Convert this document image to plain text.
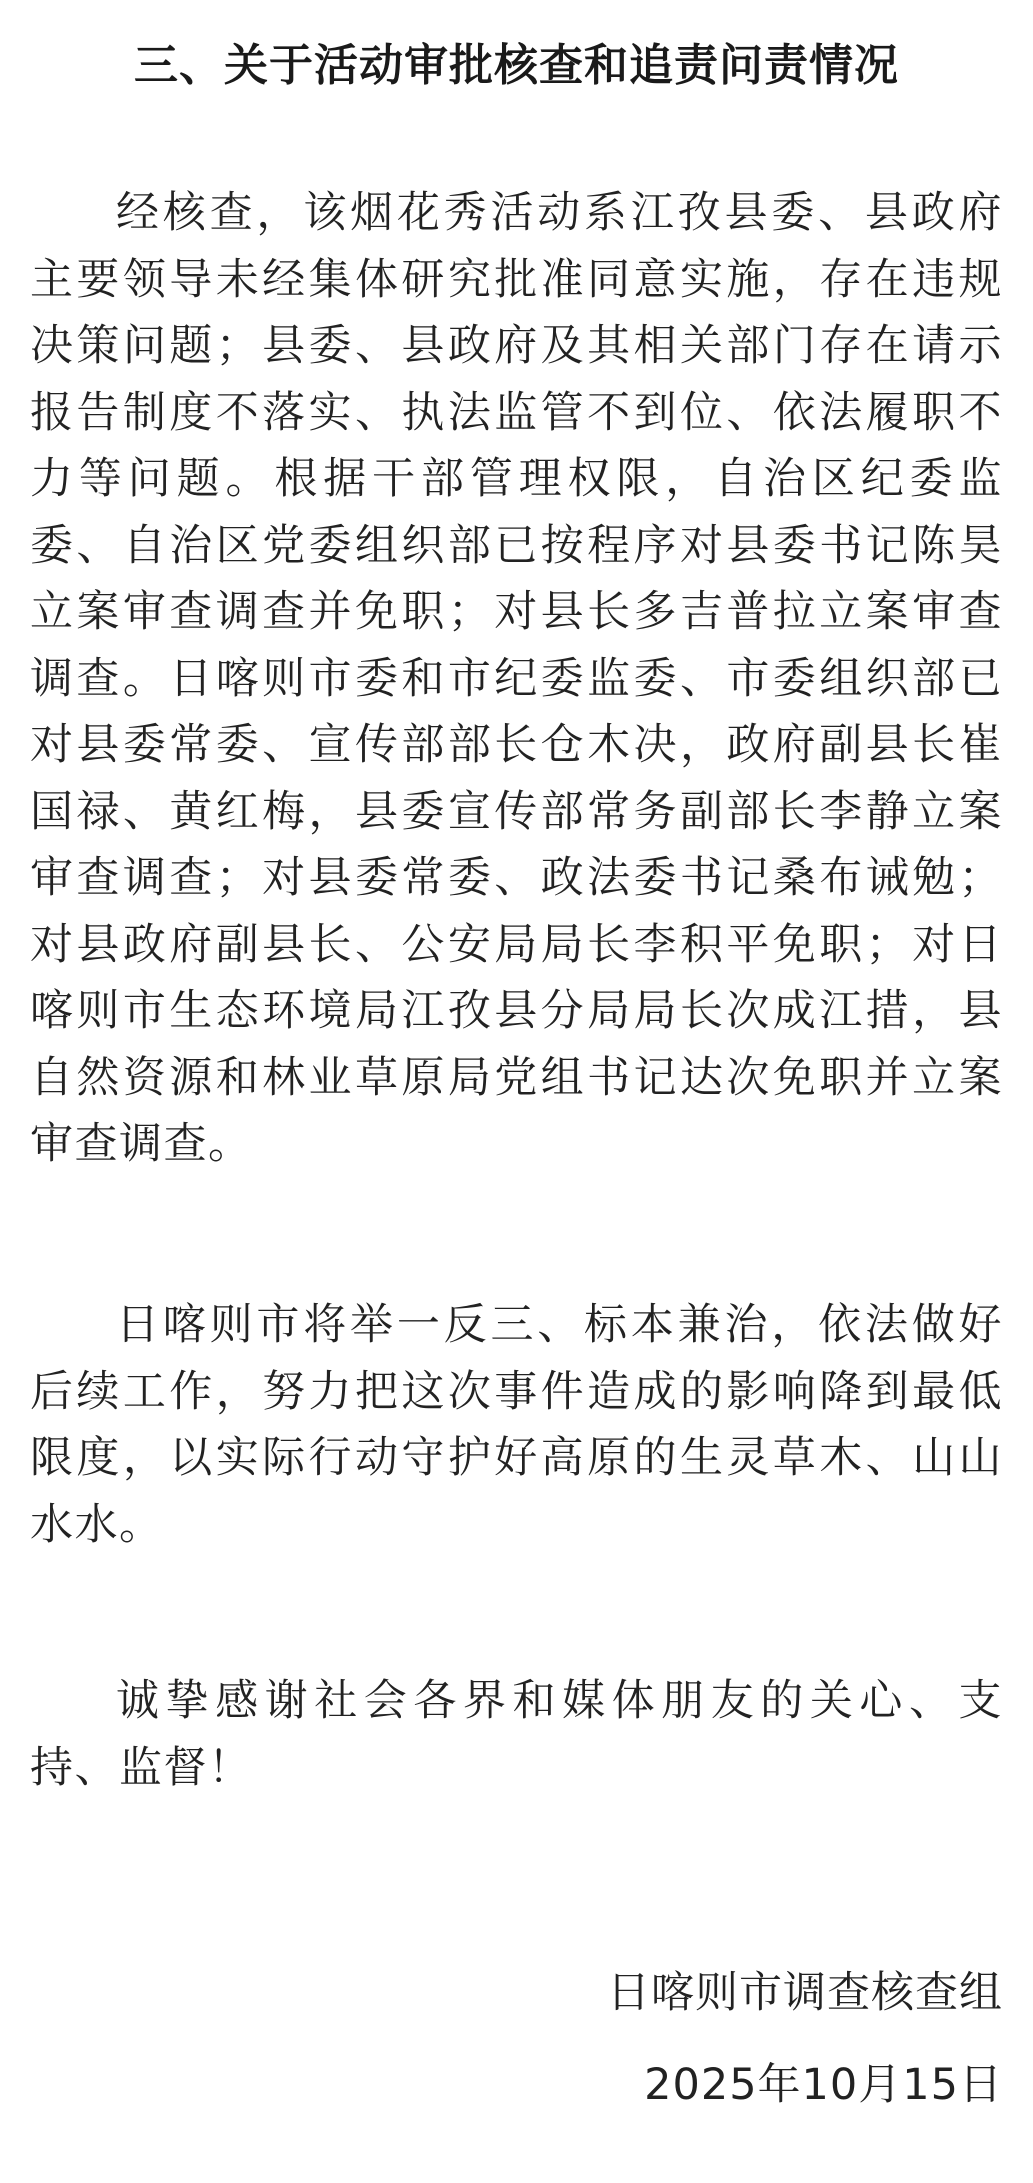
三、关于活动审批核查和追责问责情况
经核查，该烟花秀活动系江孜县委、县政府主要领导未经集体研究批准同意实施，存在违规决策问题；县委、县政府及其相关部门存在请示报告制度不落实、执法监管不到位、依法履职不力等问题。根据干部管理权限，自治区纪委监委、自治区党委组织部已按程序对县委书记陈昊立案审查调查并免职；对县长多吉普拉立案审查调查。日喀则市委和市纪委监委、市委组织部已对县委常委、宣传部部长仓木决，政府副县长崔国禄、黄红梅，县委宣传部常务副部长李静立案审查调查；对县委常委、政法委书记桑布诫勉；对县政府副县长、公安局局长李积平免职；对日喀则市生态环境局江孜县分局局长次成江措，县自然资源和林业草原局党组书记达次免职并立案审查调查。
日喀则市将举一反三、标本兼治，依法做好后续工作，努力把这次事件造成的影响降到最低限度，以实际行动守护好高原的生灵草木、山山水水。
诚挚感谢社会各界和媒体朋友的关心、支持、监督！
日喀则市调查核查组
2025年10月15日
